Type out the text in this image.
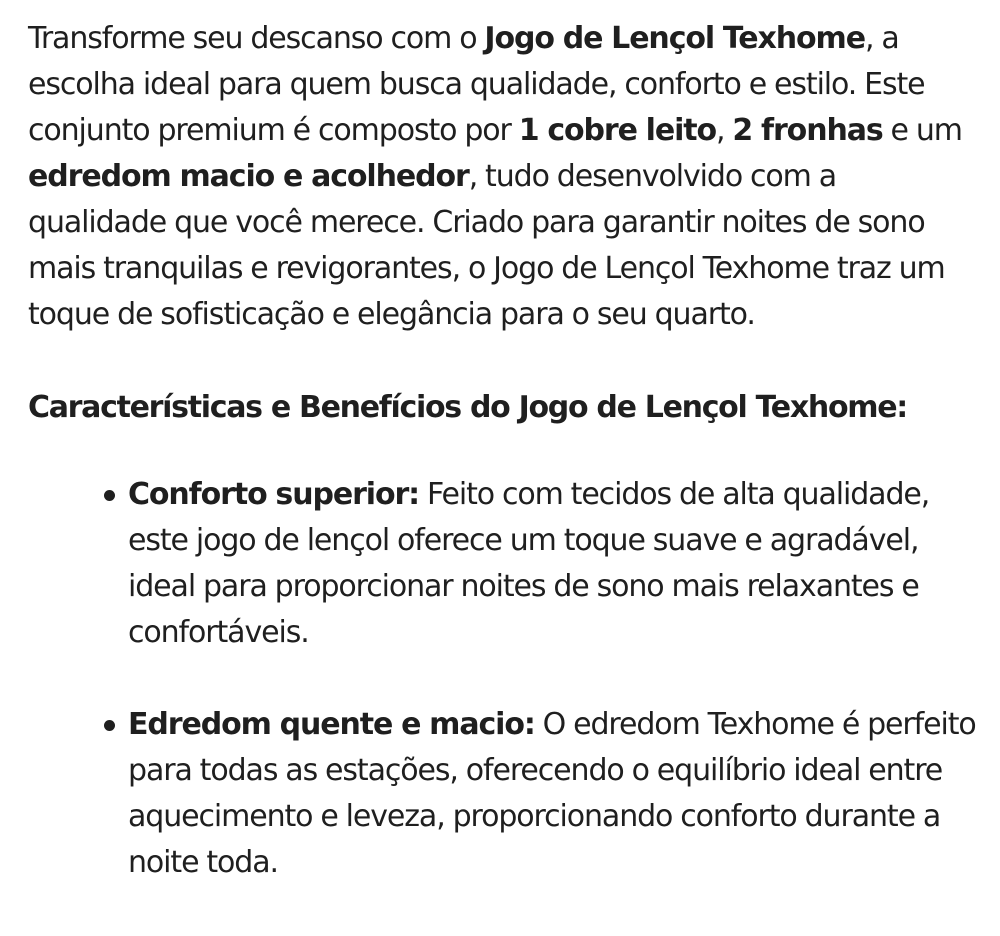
Transforme seu descanso com o Jogo de Lençol Texhome, a escolha ideal para quem busca qualidade, conforto e estilo. Este conjunto premium é composto por 1 cobre leito, 2 fronhas e um edredom macio e acolhedor, tudo desenvolvido com a qualidade que você merece. Criado para garantir noites de sono mais tranquilas e revigorantes, o Jogo de Lençol Texhome traz um toque de sofisticação e elegância para o seu quarto.

Características e Benefícios do Jogo de Lençol Texhome:
Conforto superior: Feito com tecidos de alta qualidade, este jogo de lençol oferece um toque suave e agradável, ideal para proporcionar noites de sono mais relaxantes e confortáveis.
Edredom quente e macio: O edredom Texhome é perfeito para todas as estações, oferecendo o equilíbrio ideal entre aquecimento e leveza, proporcionando conforto durante a noite toda.
